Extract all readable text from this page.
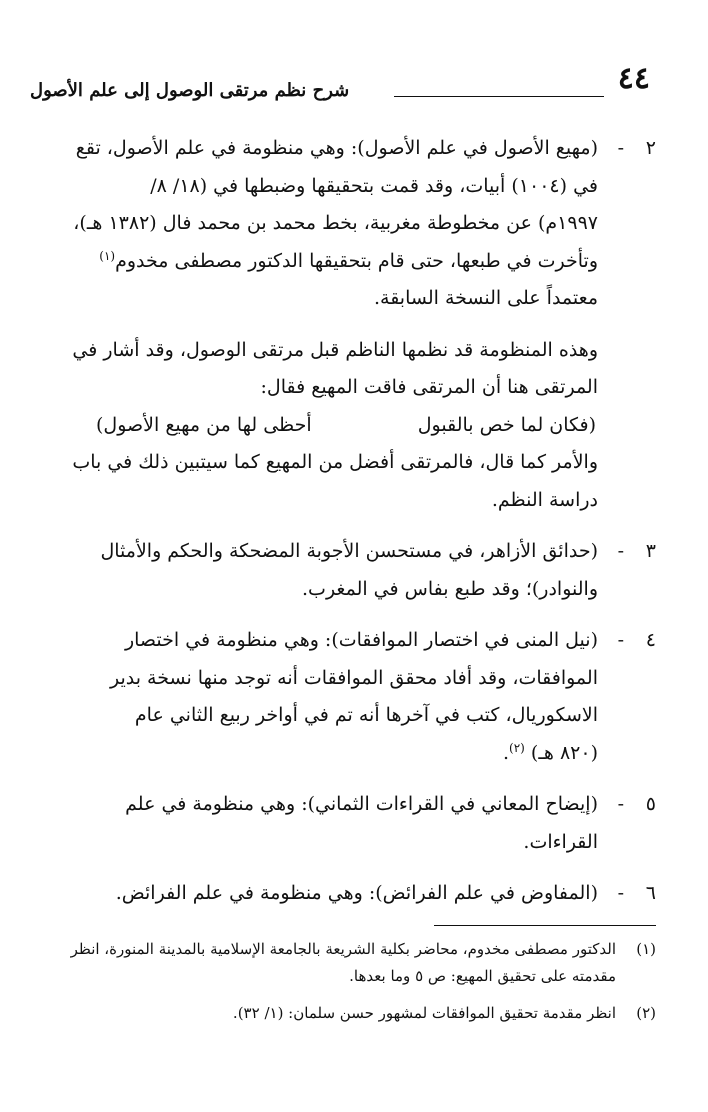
٤٤
شرح نظم مرتقى الوصول إلى علم الأصول
٢
-
(مهيع الأصول في علم الأصول): وهي منظومة في علم الأصول، تقع
في (١٠٠٤) أبيات، وقد قمت بتحقيقها وضبطها في (١٨/ ٨/
١٩٩٧م) عن مخطوطة مغربية، بخط محمد بن محمد فال (١٣٨٢ هـ)،
وتأخرت في طبعها، حتى قام بتحقيقها الدكتور مصطفى مخدوم$^{(١)}$
معتمداً على النسخة السابقة.
وهذه المنظومة قد نظمها الناظم قبل مرتقى الوصول، وقد أشار في
المرتقى هنا أن المرتقى فاقت المهيع فقال:
(فكان لما خص بالقبول
أحظى لها من مهيع الأصول)
والأمر كما قال، فالمرتقى أفضل من المهيع كما سيتبين ذلك في باب
دراسة النظم.
٣
-
(حدائق الأزاهر، في مستحسن الأجوبة المضحكة والحكم والأمثال
والنوادر)؛ وقد طبع بفاس في المغرب.
٤
-
(نيل المنى في اختصار الموافقات): وهي منظومة في اختصار
الموافقات، وقد أفاد محقق الموافقات أنه توجد منها نسخة بدير
الاسكوريال، كتب في آخرها أنه تم في أواخر ربيع الثاني عام
(٨٢٠ هـ) $^{(٢)}$.
٥
-
(إيضاح المعاني في القراءات الثماني): وهي منظومة في علم
القراءات.
٦
-
(المفاوض في علم الفرائض): وهي منظومة في علم الفرائض.
(١)
الدكتور مصطفى مخدوم، محاضر بكلية الشريعة بالجامعة الإسلامية بالمدينة المنورة، انظر
مقدمته على تحقيق المهيع: ص ٥ وما بعدها.
(٢)
انظر مقدمة تحقيق الموافقات لمشهور حسن سلمان: (١/ ٣٢).
